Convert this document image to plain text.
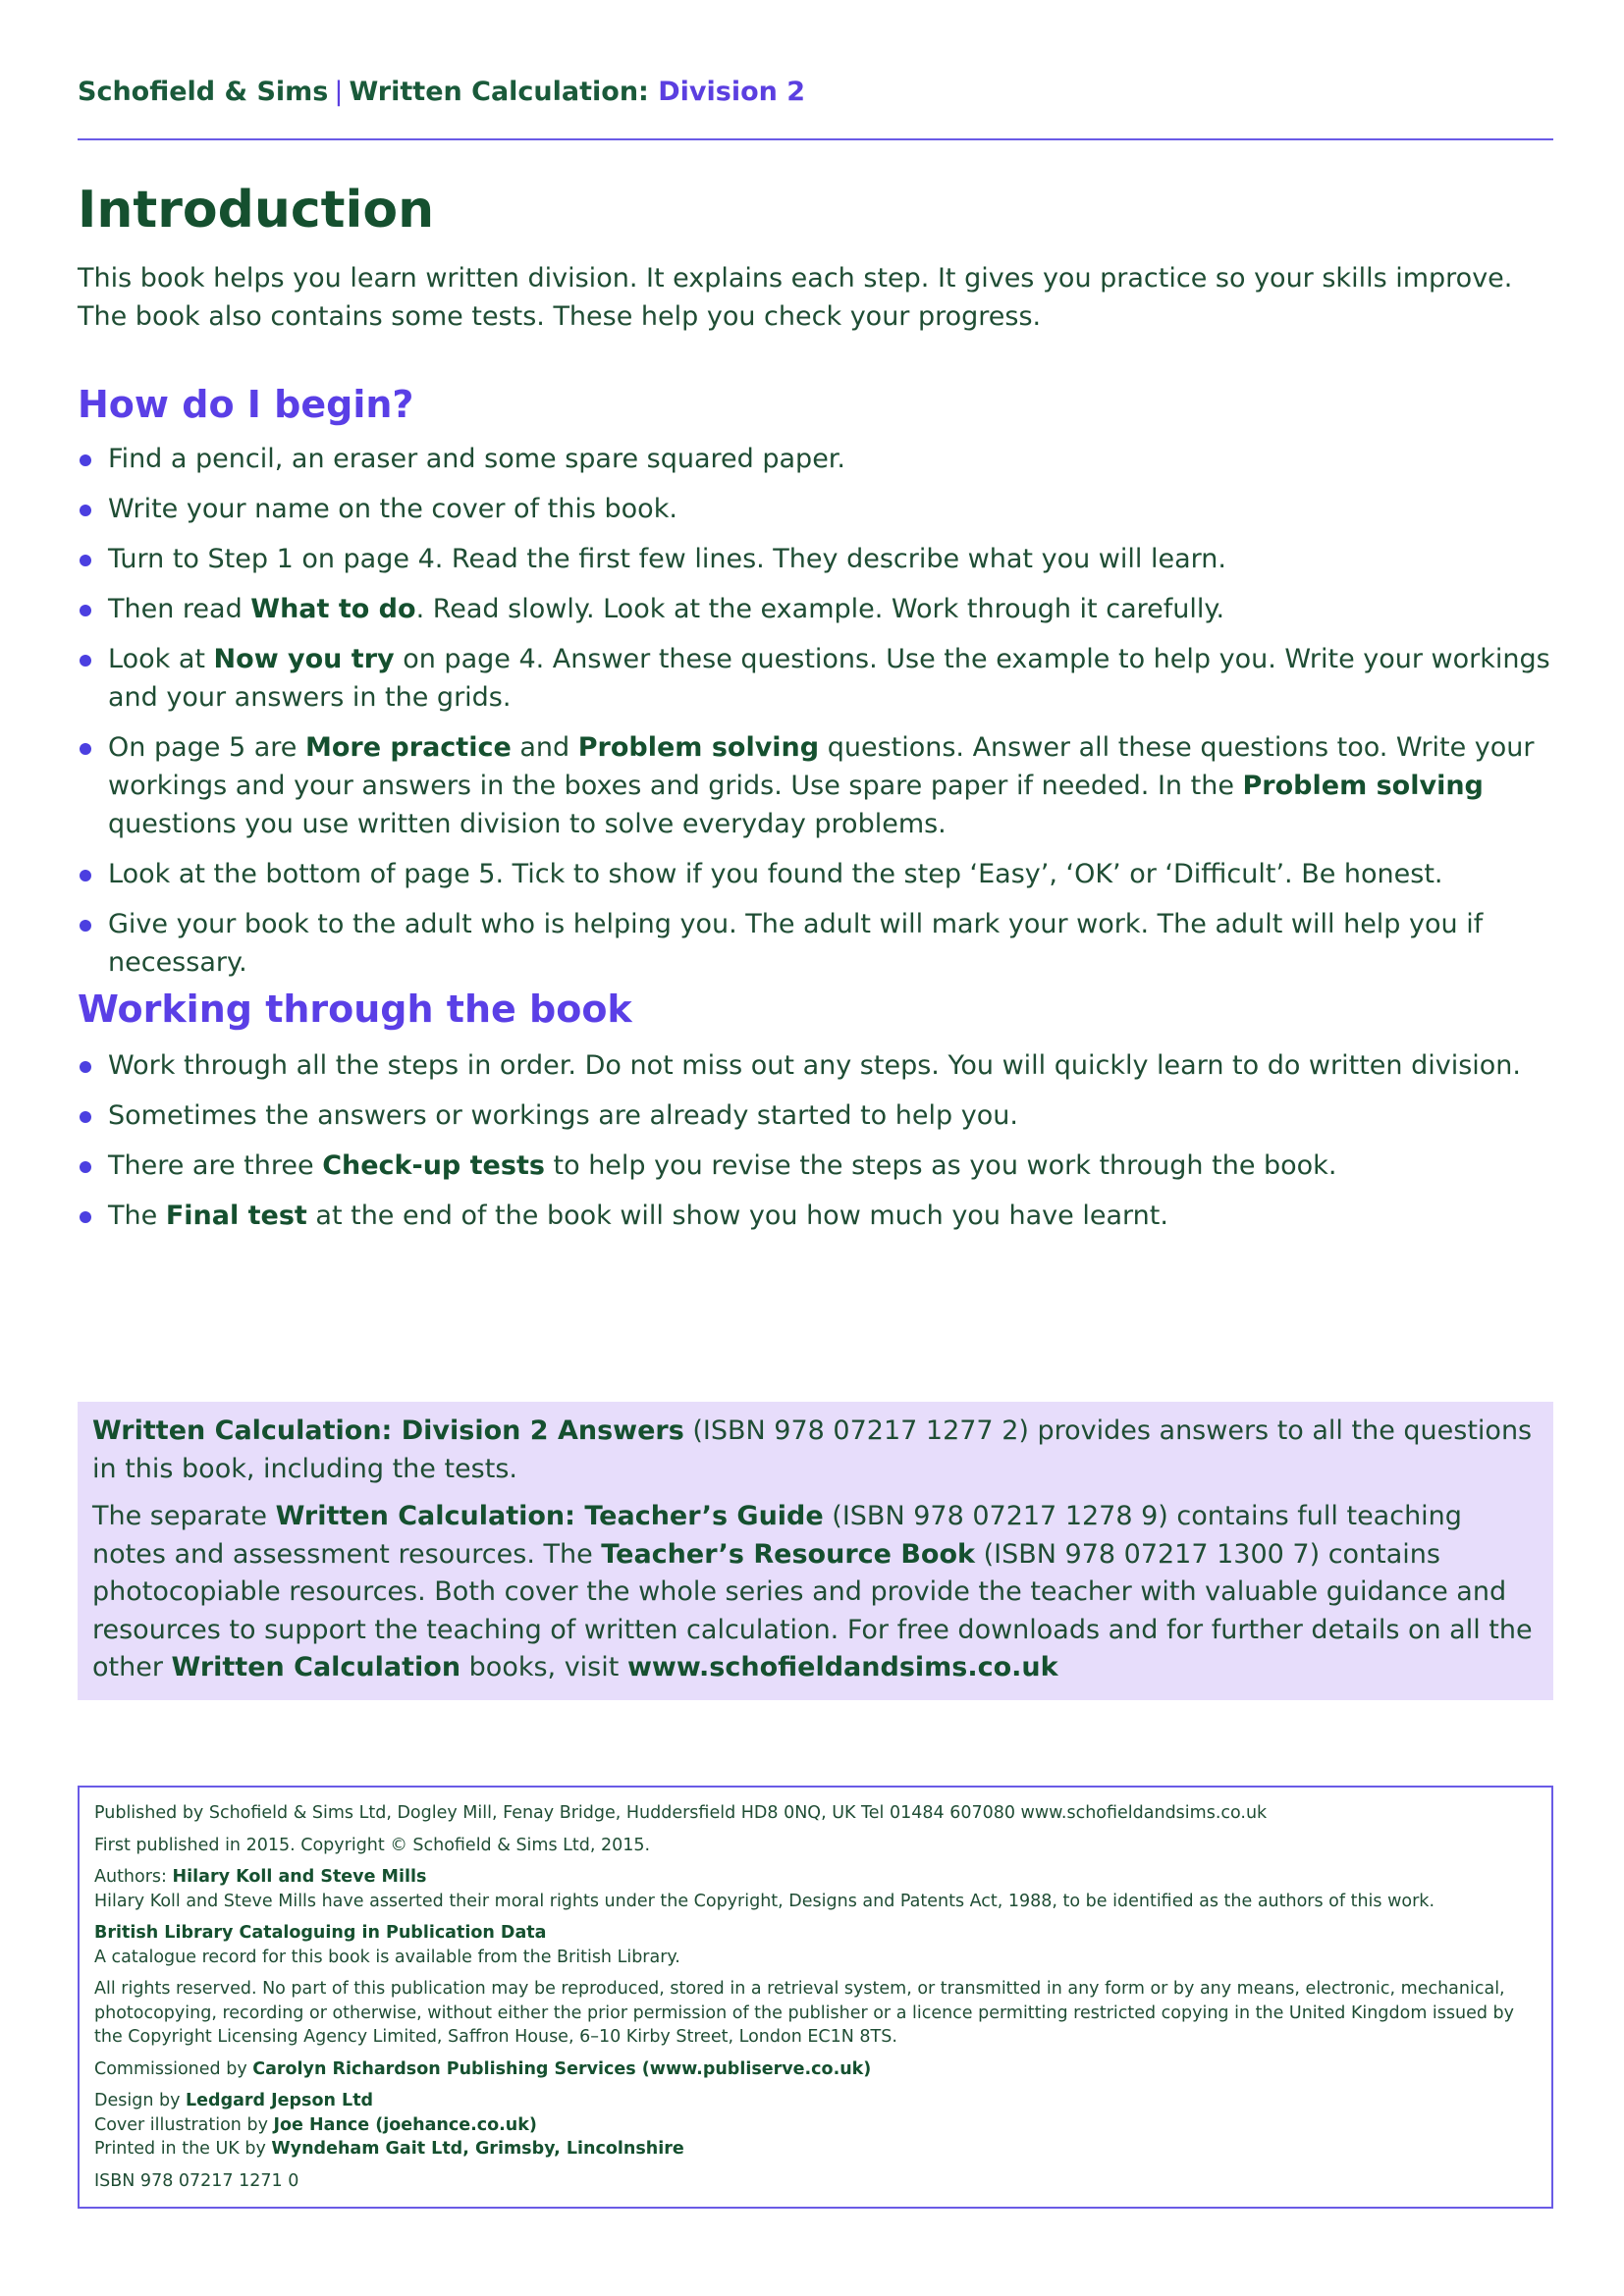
Schofield & Sims | Written Calculation: Division 2
Introduction

This book helps you learn written division. It explains each step. It gives you practice so your skills improve. The book also contains some tests. These help you check your progress.

How do I begin?
Find a pencil, an eraser and some spare squared paper.
Write your name on the cover of this book.
Turn to Step 1 on page 4. Read the first few lines. They describe what you will learn.
Then read What to do. Read slowly. Look at the example. Work through it carefully.
Look at Now you try on page 4. Answer these questions. Use the example to help you. Write your workings and your answers in the grids.
On page 5 are More practice and Problem solving questions. Answer all these questions too. Write your workings and your answers in the boxes and grids. Use spare paper if needed. In the Problem solving questions you use written division to solve everyday problems.
Look at the bottom of page 5. Tick to show if you found the step ‘Easy’, ‘OK’ or ‘Difficult’. Be honest.
Give your book to the adult who is helping you. The adult will mark your work. The adult will help you if necessary.
Working through the book
Work through all the steps in order. Do not miss out any steps. You will quickly learn to do written division.
Sometimes the answers or workings are already started to help you.
There are three Check-up tests to help you revise the steps as you work through the book.
The Final test at the end of the book will show you how much you have learnt.

Written Calculation: Division 2 Answers (ISBN 978 07217 1277 2) provides answers to all the questions in this book, including the tests.

The separate Written Calculation: Teacher’s Guide (ISBN 978 07217 1278 9) contains full teaching notes and assessment resources. The Teacher’s Resource Book (ISBN 978 07217 1300 7) contains photocopiable resources. Both cover the whole series and provide the teacher with valuable guidance and resources to support the teaching of written calculation. For free downloads and for further details on all the other Written Calculation books, visit www.schofieldandsims.co.uk

Published by Schofield & Sims Ltd, Dogley Mill, Fenay Bridge, Huddersfield HD8 0NQ, UK Tel 01484 607080 www.schofieldandsims.co.uk
First published in 2015. Copyright © Schofield & Sims Ltd, 2015.
Authors: Hilary Koll and Steve Mills
Hilary Koll and Steve Mills have asserted their moral rights under the Copyright, Designs and Patents Act, 1988, to be identified as the authors of this work.
British Library Cataloguing in Publication Data
A catalogue record for this book is available from the British Library.
All rights reserved. No part of this publication may be reproduced, stored in a retrieval system, or transmitted in any form or by any means, electronic, mechanical, photocopying, recording or otherwise, without either the prior permission of the publisher or a licence permitting restricted copying in the United Kingdom issued by the Copyright Licensing Agency Limited, Saffron House, 6–10 Kirby Street, London EC1N 8TS.
Commissioned by Carolyn Richardson Publishing Services (www.publiserve.co.uk)
Design by Ledgard Jepson Ltd
Cover illustration by Joe Hance (joehance.co.uk)
Printed in the UK by Wyndeham Gait Ltd, Grimsby, Lincolnshire
ISBN 978 07217 1271 0
